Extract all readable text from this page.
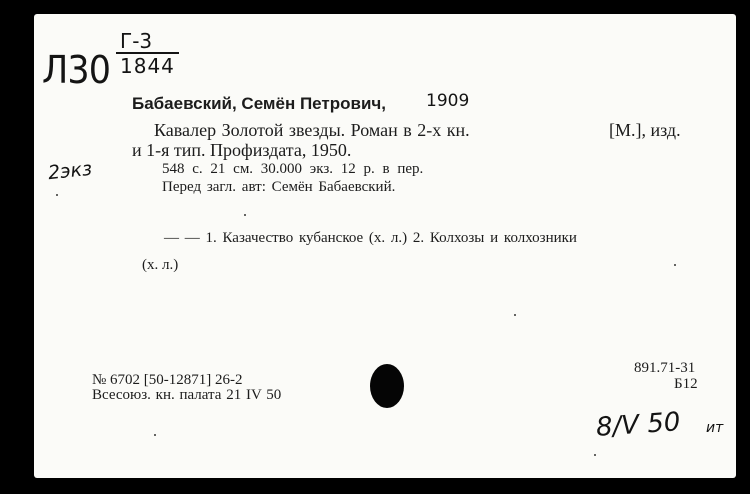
Л30
Г-3
1844
2экз
Бабаевский, Семён Петрович, 1909
Кавалер Золотой звезды. Роман в 2-х кн.	[М.], изд.
и 1-я тип. Профиздата, 1950.
548 с. 21 см. 30.000 экз. 12 р. в пер.
Перед загл. авт: Семён Бабаевский.
— — 1. Казачество кубанское (х. л.) 2. Колхозы и колхозники
(х. л.)
№ 6702 [50-12871] 26-2
Всесоюз. кн. палата 21 IV 50
891.71-31
Б12
8/V 50 ит
